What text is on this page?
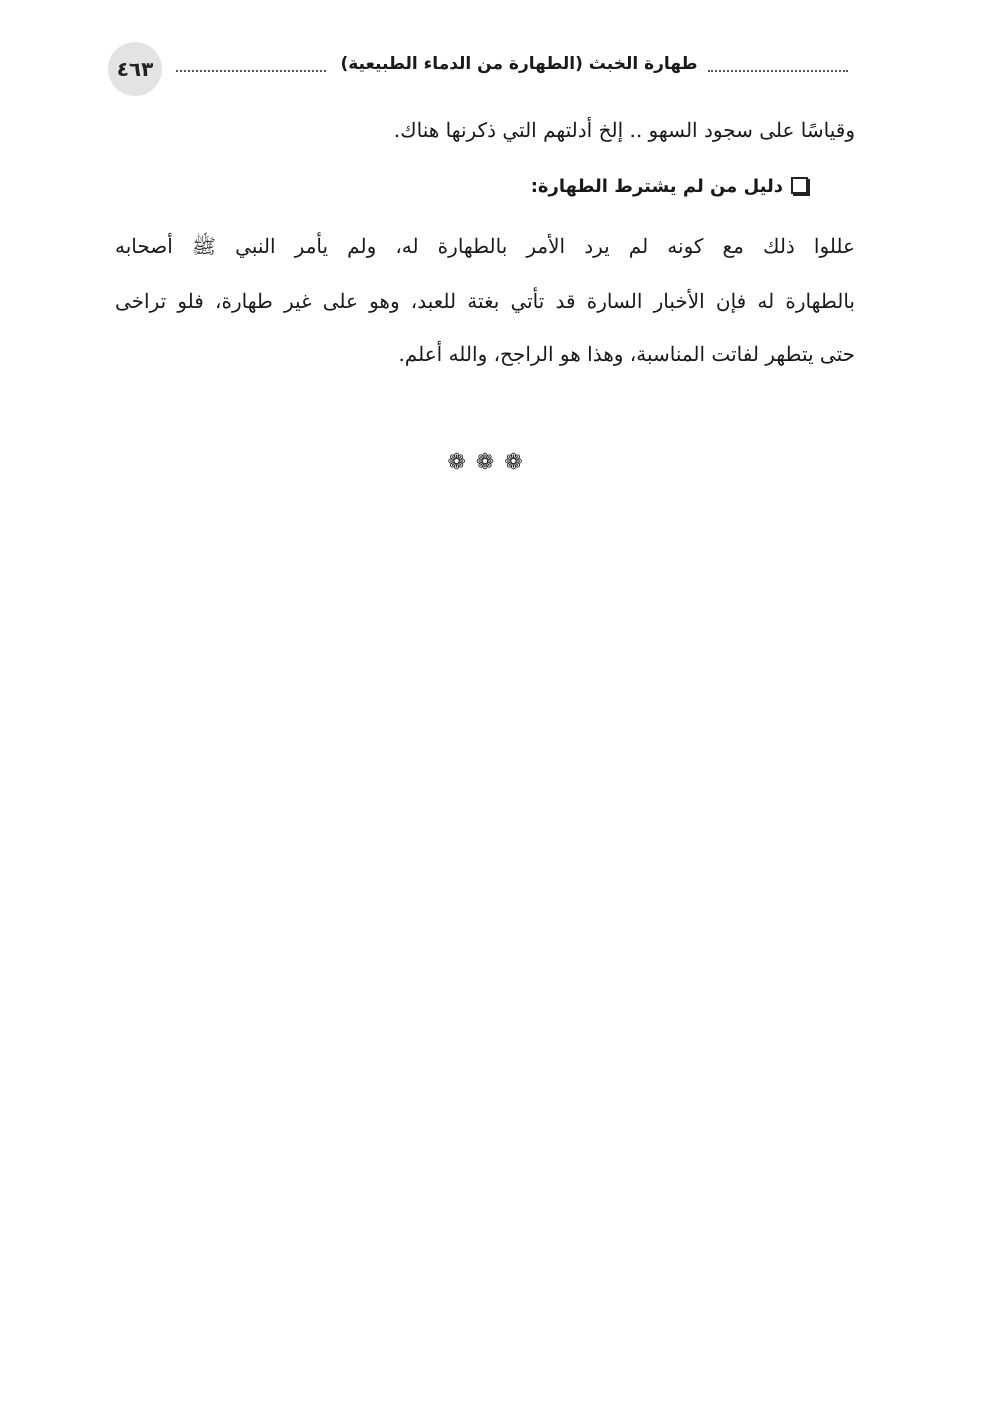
٤٦٣	طهارة الخبث (الطهارة من الدماء الطبيعية)
وقياسًا على سجود السهو .. إلخ أدلتهم التي ذكرنها هناك.
دليل من لم يشترط الطهارة:
عللوا ذلك مع كونه لم يرد الأمر بالطهارة له، ولم يأمر النبي ﷺ أصحابه
بالطهارة له فإن الأخبار السارة قد تأتي بغتة للعبد، وهو على غير طهارة، فلو تراخى
حتى يتطهر لفاتت المناسبة، وهذا هو الراجح، والله أعلم.
❁❁❁
